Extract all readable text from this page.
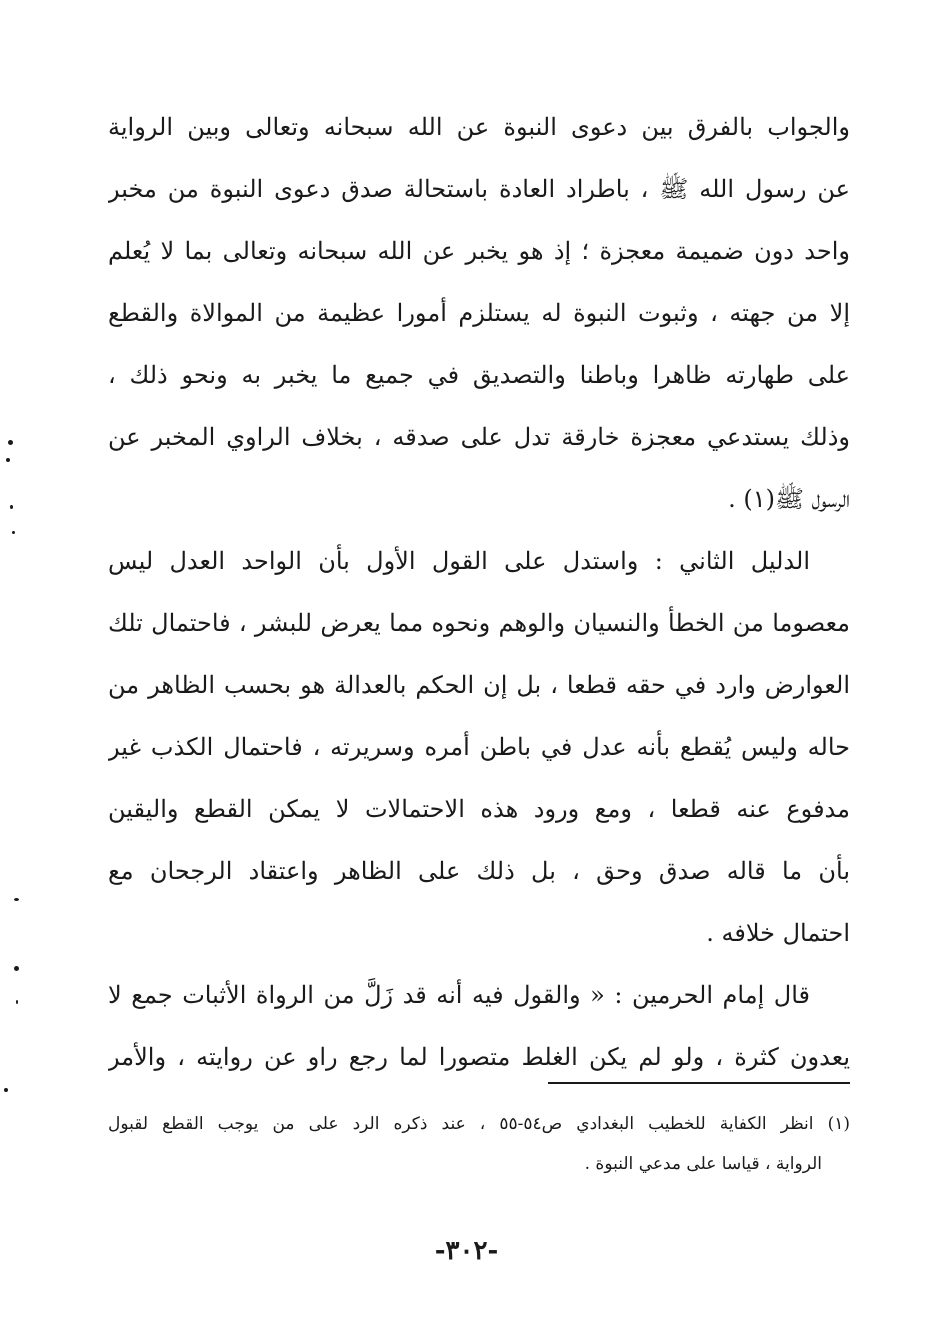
والجواب بالفرق بين دعوى النبوة عن الله سبحانه وتعالى وبين الرواية
عن رسول الله ﷺ ، باطراد العادة باستحالة صدق دعوى النبوة من مخبر
واحد دون ضميمة معجزة ؛ إذ هو يخبر عن الله سبحانه وتعالى بما لا يُعلم
إلا من جهته ، وثبوت النبوة له يستلزم أمورا عظيمة من الموالاة والقطع
على طهارته ظاهرا وباطنا والتصديق في جميع ما يخبر به ونحو ذلك ،
وذلك يستدعي معجزة خارقة تدل على صدقه ، بخلاف الراوي المخبر عن
الرسول ﷺ(١) .
الدليل الثاني : واستدل على القول الأول بأن الواحد العدل ليس
معصوما من الخطأ والنسيان والوهم ونحوه مما يعرض للبشر ، فاحتمال تلك
العوارض وارد في حقه قطعا ، بل إن الحكم بالعدالة هو بحسب الظاهر من
حاله وليس يُقطع بأنه عدل في باطن أمره وسريرته ، فاحتمال الكذب غير
مدفوع عنه قطعا ، ومع ورود هذه الاحتمالات لا يمكن القطع واليقين
بأن ما قاله صدق وحق ، بل ذلك على الظاهر واعتقاد الرجحان مع
احتمال خلافه .
قال إمام الحرمين : « والقول فيه أنه قد زَلَّ من الرواة الأثبات جمع لا
يعدون كثرة ، ولو لم يكن الغلط متصورا لما رجع راو عن روايته ، والأمر
(١) انظر الكفاية للخطيب البغدادي ص٥٤-٥٥ ، عند ذكره الرد على من يوجب القطع لقبول
الرواية ، قياسا على مدعي النبوة .
-٣٠٢-
